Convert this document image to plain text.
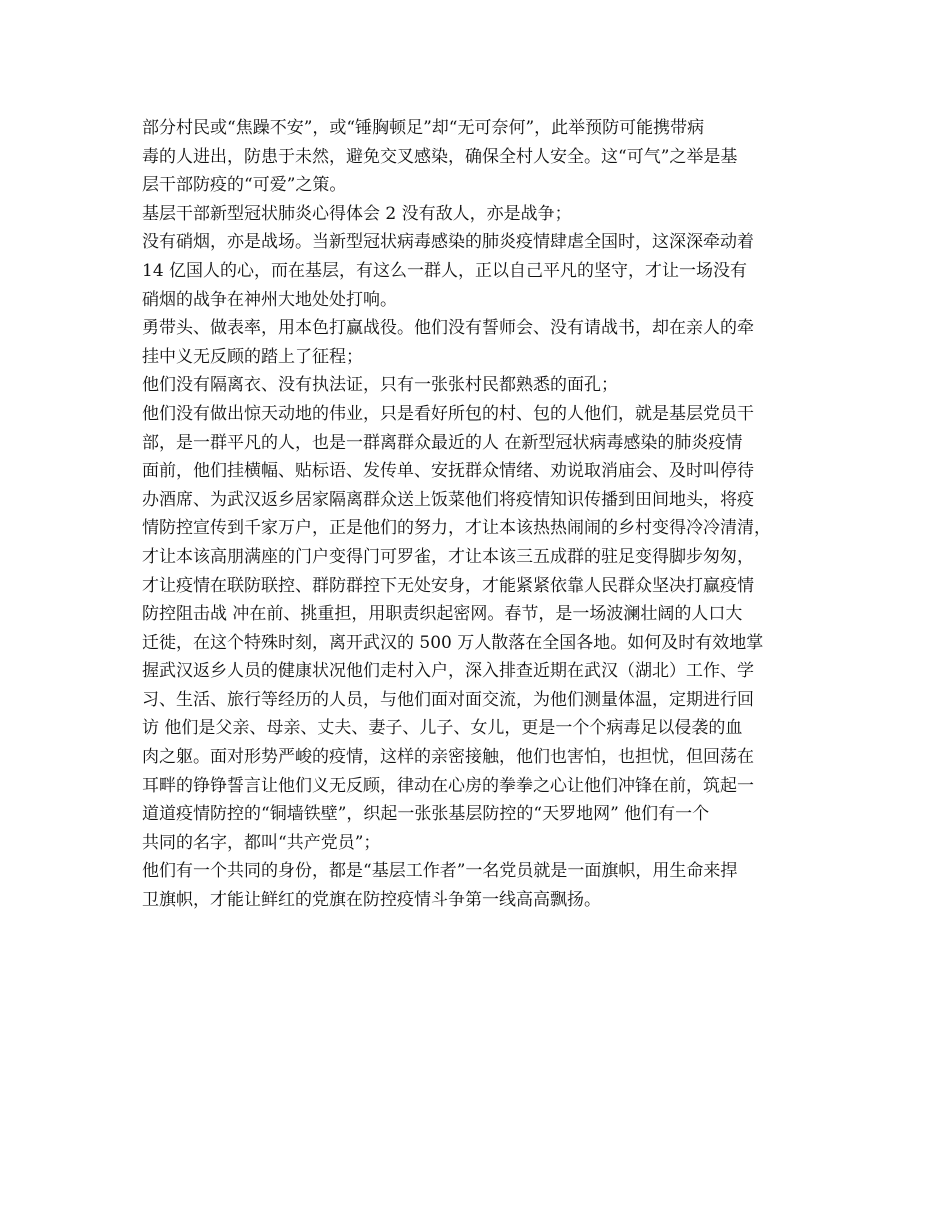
部分村民或“焦躁不安”，或“锤胸顿足”却“无可奈何”，此举预防可能携带病
毒的人进出，防患于未然，避免交叉感染，确保全村人安全。这“可气”之举是基
层干部防疫的“可爱”之策。
基层干部新型冠状肺炎心得体会 2 没有敌人，亦是战争；
没有硝烟，亦是战场。当新型冠状病毒感染的肺炎疫情肆虐全国时，这深深牵动着
14 亿国人的心，而在基层，有这么一群人，正以自己平凡的坚守，才让一场没有
硝烟的战争在神州大地处处打响。
勇带头、做表率，用本色打赢战役。他们没有誓师会、没有请战书，却在亲人的牵
挂中义无反顾的踏上了征程；
他们没有隔离衣、没有执法证，只有一张张村民都熟悉的面孔；
他们没有做出惊天动地的伟业，只是看好所包的村、包的人他们，就是基层党员干
部，是一群平凡的人，也是一群离群众最近的人 在新型冠状病毒感染的肺炎疫情
面前，他们挂横幅、贴标语、发传单、安抚群众情绪、劝说取消庙会、及时叫停待
办酒席、为武汉返乡居家隔离群众送上饭菜他们将疫情知识传播到田间地头，将疫
情防控宣传到千家万户，正是他们的努力，才让本该热热闹闹的乡村变得冷冷清清，
才让本该高朋满座的门户变得门可罗雀，才让本该三五成群的驻足变得脚步匆匆，
才让疫情在联防联控、群防群控下无处安身，才能紧紧依靠人民群众坚决打赢疫情
防控阻击战 冲在前、挑重担，用职责织起密网。春节，是一场波澜壮阔的人口大
迁徙，在这个特殊时刻，离开武汉的 500 万人散落在全国各地。如何及时有效地掌
握武汉返乡人员的健康状况他们走村入户，深入排查近期在武汉（湖北）工作、学
习、生活、旅行等经历的人员，与他们面对面交流，为他们测量体温，定期进行回
访 他们是父亲、母亲、丈夫、妻子、儿子、女儿，更是一个个病毒足以侵袭的血
肉之躯。面对形势严峻的疫情，这样的亲密接触，他们也害怕，也担忧，但回荡在
耳畔的铮铮誓言让他们义无反顾，律动在心房的拳拳之心让他们冲锋在前，筑起一
道道疫情防控的“铜墙铁壁”，织起一张张基层防控的“天罗地网” 他们有一个
共同的名字，都叫“共产党员”；
他们有一个共同的身份，都是“基层工作者”一名党员就是一面旗帜，用生命来捍
卫旗帜，才能让鲜红的党旗在防控疫情斗争第一线高高飘扬。
